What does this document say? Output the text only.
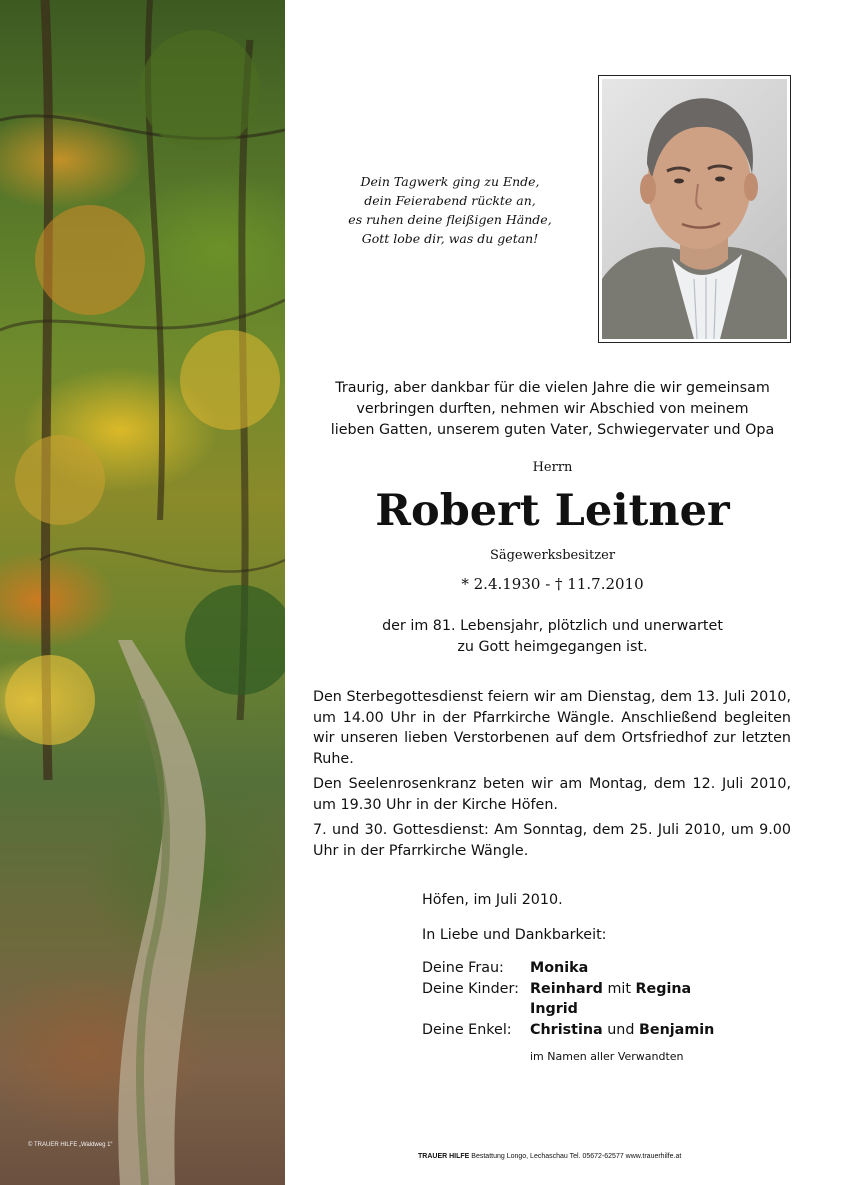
© TRAUER HILFE „Waldweg 1“
Dein Tagwerk ging zu Ende,
dein Feierabend rückte an,
es ruhen deine fleißigen Hände,
Gott lobe dir, was du getan!
Traurig, aber dankbar für die vielen Jahre die wir gemeinsam
verbringen durften, nehmen wir Abschied von meinem
lieben Gatten, unserem guten Vater, Schwiegervater und Opa
Herrn
Robert Leitner
Sägewerksbesitzer
* 2.4.1930 - † 11.7.2010
der im 81. Lebensjahr, plötzlich und unerwartet
zu Gott heimgegangen ist.

Den Sterbegottesdienst feiern wir am Dienstag, dem 13. Juli 2010, um 14.00 Uhr in der Pfarrkirche Wängle. Anschließend begleiten wir unseren lieben Verstorbenen auf dem Ortsfriedhof zur letzten Ruhe.

Den Seelenrosenkranz beten wir am Montag, dem 12. Juli 2010, um 19.30 Uhr in der Kirche Höfen.

7. und 30. Gottesdienst: Am Sonntag, dem 25. Juli 2010, um 9.00 Uhr in der Pfarrkirche Wängle.

Höfen, im Juli 2010.
In Liebe und Dankbarkeit:
Deine Frau: Monika
Deine Kinder: Reinhard mit Regina
Ingrid
Deine Enkel: Christina und Benjamin
im Namen aller Verwandten
TRAUER HILFE Bestattung Longo, Lechaschau Tel. 05672-62577 www.trauerhilfe.at
